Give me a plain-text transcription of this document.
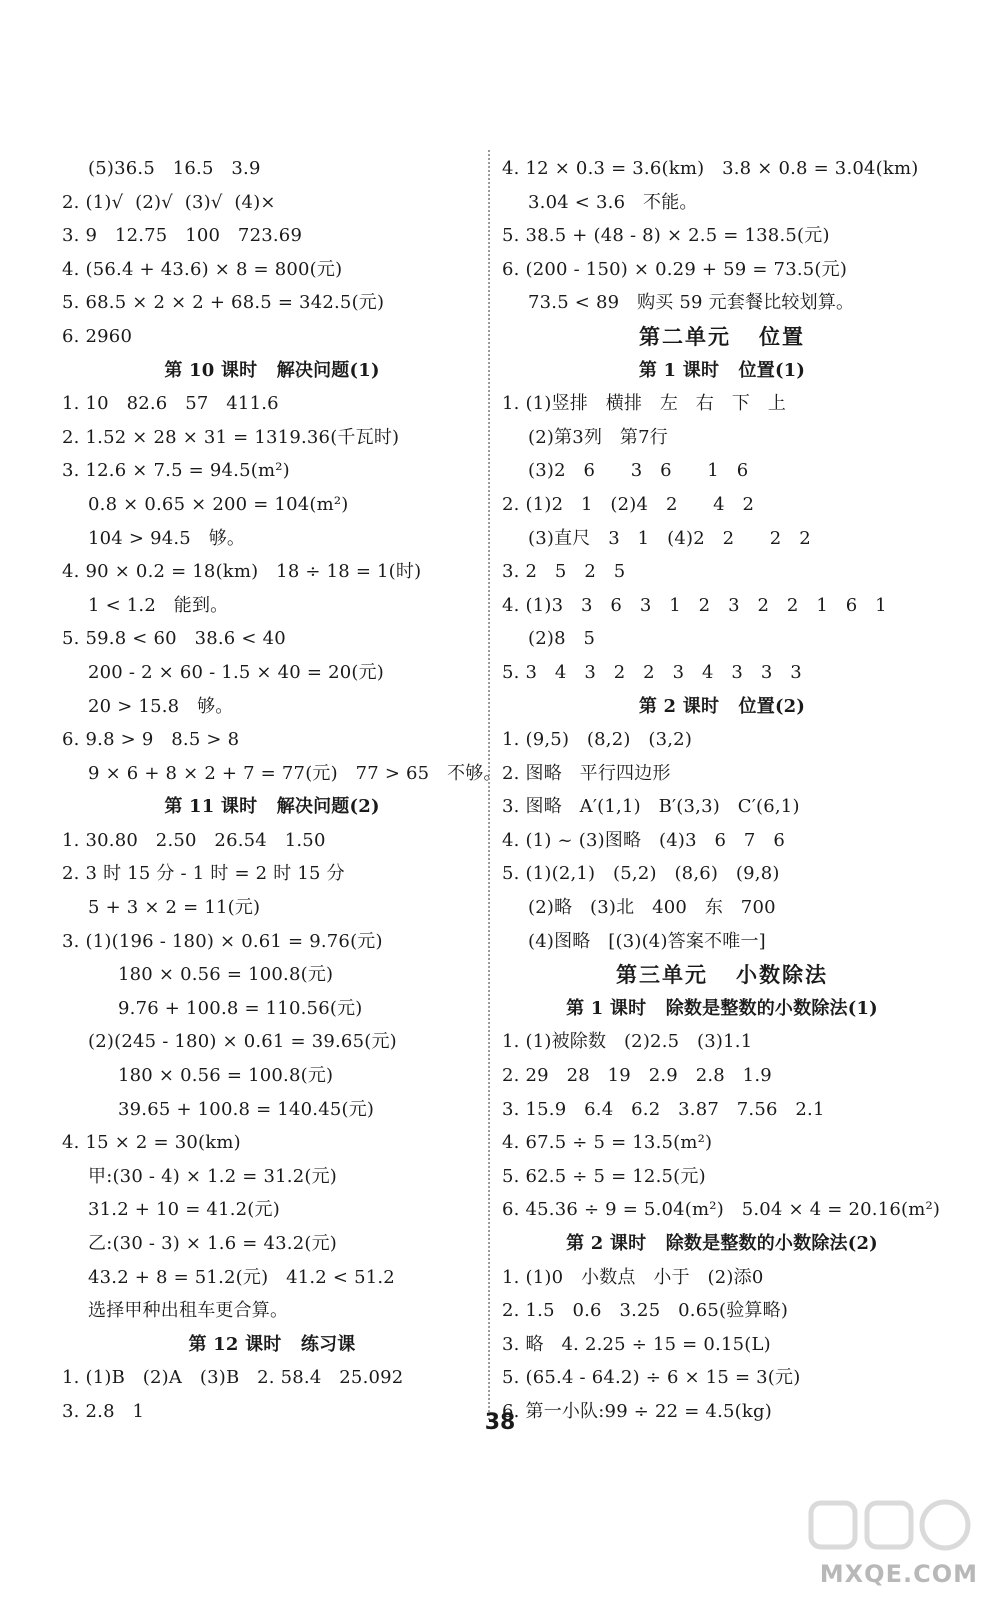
(5)36.5   16.5   3.9
2. (1)√  (2)√  (3)√  (4)×
3. 9   12.75   100   723.69
4. (56.4 + 43.6) × 8 = 800(元)
5. 68.5 × 2 × 2 + 68.5 = 342.5(元)
6. 2960
第 10 课时   解决问题(1)
1. 10   82.6   57   411.6
2. 1.52 × 28 × 31 = 1319.36(千瓦时)
3. 12.6 × 7.5 = 94.5(m²)
0.8 × 0.65 × 200 = 104(m²)
104 > 94.5   够。
4. 90 × 0.2 = 18(km)   18 ÷ 18 = 1(时)
1 < 1.2   能到。
5. 59.8 < 60   38.6 < 40
200 - 2 × 60 - 1.5 × 40 = 20(元)
20 > 15.8   够。
6. 9.8 > 9   8.5 > 8
9 × 6 + 8 × 2 + 7 = 77(元)   77 > 65   不够。
第 11 课时   解决问题(2)
1. 30.80   2.50   26.54   1.50
2. 3 时 15 分 - 1 时 = 2 时 15 分
5 + 3 × 2 = 11(元)
3. (1)(196 - 180) × 0.61 = 9.76(元)
180 × 0.56 = 100.8(元)
9.76 + 100.8 = 110.56(元)
(2)(245 - 180) × 0.61 = 39.65(元)
180 × 0.56 = 100.8(元)
39.65 + 100.8 = 140.45(元)
4. 15 × 2 = 30(km)
甲:(30 - 4) × 1.2 = 31.2(元)
31.2 + 10 = 41.2(元)
乙:(30 - 3) × 1.6 = 43.2(元)
43.2 + 8 = 51.2(元)   41.2 < 51.2
选择甲种出租车更合算。
第 12 课时   练习课
1. (1)B   (2)A   (3)B   2. 58.4   25.092
3. 2.8   1
4. 12 × 0.3 = 3.6(km)   3.8 × 0.8 = 3.04(km)
3.04 < 3.6   不能。
5. 38.5 + (48 - 8) × 2.5 = 138.5(元)
6. (200 - 150) × 0.29 + 59 = 73.5(元)
73.5 < 89   购买 59 元套餐比较划算。
第二单元   位置
第 1 课时   位置(1)
1. (1)竖排   横排   左   右   下   上
(2)第3列   第7行
(3)2   6      3   6      1   6
2. (1)2   1   (2)4   2      4   2
(3)直尺   3   1   (4)2   2      2   2
3. 2   5   2   5
4. (1)3   3   6   3   1   2   3   2   2   1   6   1
(2)8   5
5. 3   4   3   2   2   3   4   3   3   3
第 2 课时   位置(2)
1. (9,5)   (8,2)   (3,2)
2. 图略   平行四边形
3. 图略   A′(1,1)   B′(3,3)   C′(6,1)
4. (1) ~ (3)图略   (4)3   6   7   6
5. (1)(2,1)   (5,2)   (8,6)   (9,8)
(2)略   (3)北   400   东   700
(4)图略   [(3)(4)答案不唯一]
第三单元   小数除法
第 1 课时   除数是整数的小数除法(1)
1. (1)被除数   (2)2.5   (3)1.1
2. 29   28   19   2.9   2.8   1.9
3. 15.9   6.4   6.2   3.87   7.56   2.1
4. 67.5 ÷ 5 = 13.5(m²)
5. 62.5 ÷ 5 = 12.5(元)
6. 45.36 ÷ 9 = 5.04(m²)   5.04 × 4 = 20.16(m²)
第 2 课时   除数是整数的小数除法(2)
1. (1)0   小数点   小于   (2)添0
2. 1.5   0.6   3.25   0.65(验算略)
3. 略   4. 2.25 ÷ 15 = 0.15(L)
5. (65.4 - 64.2) ÷ 6 × 15 = 3(元)
6. 第一小队:99 ÷ 22 = 4.5(kg)
38
MXQE.COM
